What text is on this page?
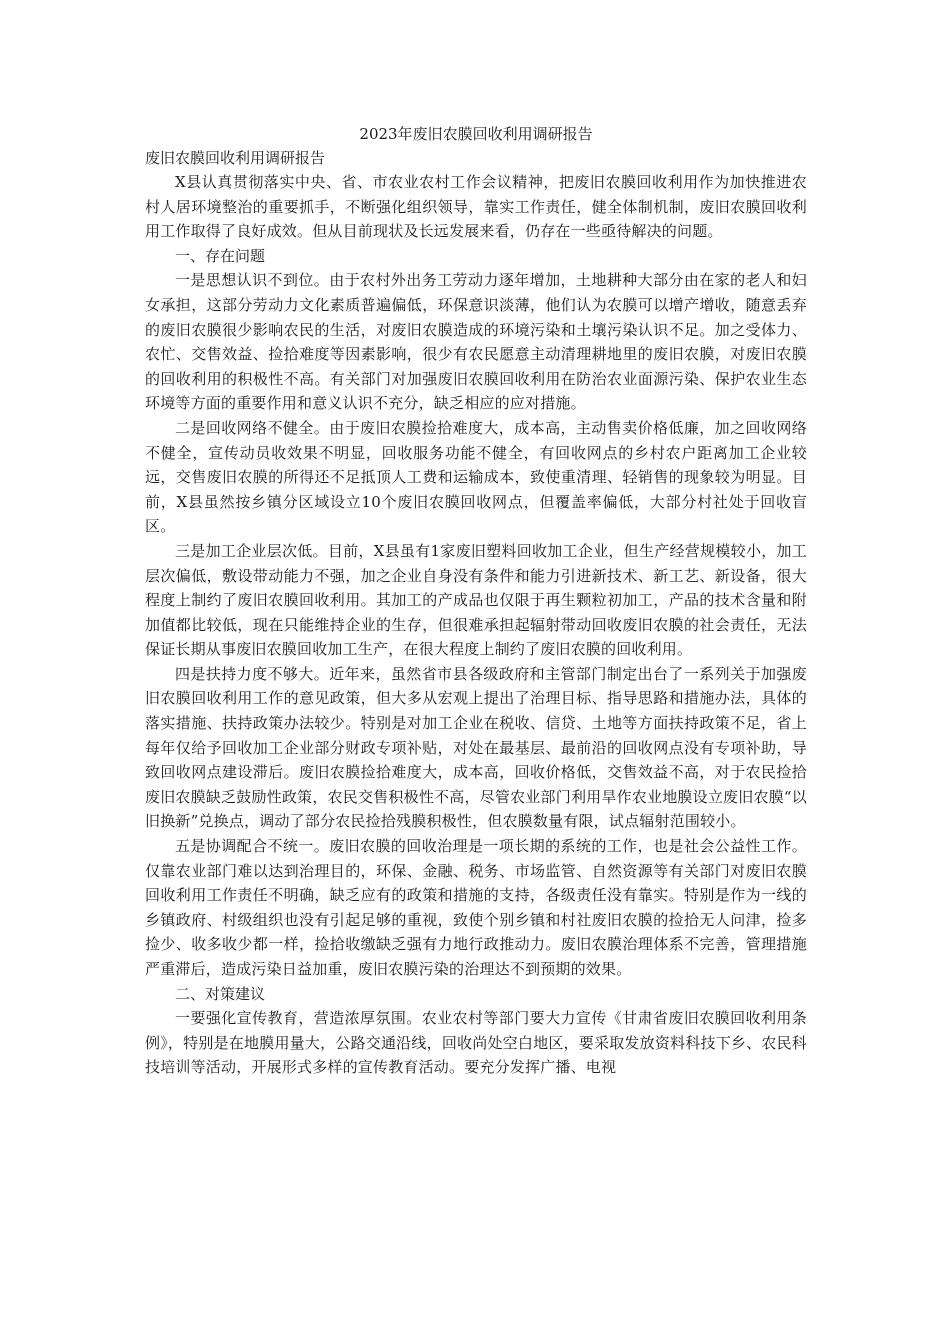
2023年废旧农膜回收利用调研报告

废旧农膜回收利用调研报告

X县认真贯彻落实中央、省、市农业农村工作会议精神，把废旧农膜回收利用作为加快推进农村人居环境整治的重要抓手，不断强化组织领导，靠实工作责任，健全体制机制，废旧农膜回收利用工作取得了良好成效。但从目前现状及长远发展来看，仍存在一些亟待解决的问题。

一、存在问题

一是思想认识不到位。由于农村外出务工劳动力逐年增加，土地耕种大部分由在家的老人和妇女承担，这部分劳动力文化素质普遍偏低，环保意识淡薄，他们认为农膜可以增产增收，随意丢弃的废旧农膜很少影响农民的生活，对废旧农膜造成的环境污染和土壤污染认识不足。加之受体力、农忙、交售效益、捡拾难度等因素影响，很少有农民愿意主动清理耕地里的废旧农膜，对废旧农膜的回收利用的积极性不高。有关部门对加强废旧农膜回收利用在防治农业面源污染、保护农业生态环境等方面的重要作用和意义认识不充分，缺乏相应的应对措施。

二是回收网络不健全。由于废旧农膜捡拾难度大，成本高，主动售卖价格低廉，加之回收网络不健全，宣传动员收效果不明显，回收服务功能不健全，有回收网点的乡村农户距离加工企业较远，交售废旧农膜的所得还不足抵顶人工费和运输成本，致使重清理、轻销售的现象较为明显。目前，X县虽然按乡镇分区域设立10个废旧农膜回收网点，但覆盖率偏低，大部分村社处于回收盲区。

三是加工企业层次低。目前，X县虽有1家废旧塑料回收加工企业，但生产经营规模较小，加工层次偏低，敷设带动能力不强，加之企业自身没有条件和能力引进新技术、新工艺、新设备，很大程度上制约了废旧农膜回收利用。其加工的产成品也仅限于再生颗粒初加工，产品的技术含量和附加值都比较低，现在只能维持企业的生存，但很难承担起辐射带动回收废旧农膜的社会责任，无法保证长期从事废旧农膜回收加工生产，在很大程度上制约了废旧农膜的回收利用。

四是扶持力度不够大。近年来，虽然省市县各级政府和主管部门制定出台了一系列关于加强废旧农膜回收利用工作的意见政策，但大多从宏观上提出了治理目标、指导思路和措施办法，具体的落实措施、扶持政策办法较少。特别是对加工企业在税收、信贷、土地等方面扶持政策不足，省上每年仅给予回收加工企业部分财政专项补贴，对处在最基层、最前沿的回收网点没有专项补助，导致回收网点建设滞后。废旧农膜捡拾难度大，成本高，回收价格低，交售效益不高，对于农民捡拾废旧农膜缺乏鼓励性政策，农民交售积极性不高，尽管农业部门利用旱作农业地膜设立废旧农膜“以旧换新”兑换点，调动了部分农民捡拾残膜积极性，但农膜数量有限，试点辐射范围较小。

五是协调配合不统一。废旧农膜的回收治理是一项长期的系统的工作，也是社会公益性工作。仅靠农业部门难以达到治理目的，环保、金融、税务、市场监管、自然资源等有关部门对废旧农膜回收利用工作责任不明确，缺乏应有的政策和措施的支持，各级责任没有靠实。特别是作为一线的乡镇政府、村级组织也没有引起足够的重视，致使个别乡镇和村社废旧农膜的捡拾无人问津，捡多捡少、收多收少都一样，捡拾收缴缺乏强有力地行政推动力。废旧农膜治理体系不完善，管理措施严重滞后，造成污染日益加重，废旧农膜污染的治理达不到预期的效果。

二、对策建议

一要强化宣传教育，营造浓厚氛围。农业农村等部门要大力宣传《甘肃省废旧农膜回收利用条例》，特别是在地膜用量大，公路交通沿线，回收尚处空白地区，要采取发放资料科技下乡、农民科技培训等活动，开展形式多样的宣传教育活动。要充分发挥广播、电视
